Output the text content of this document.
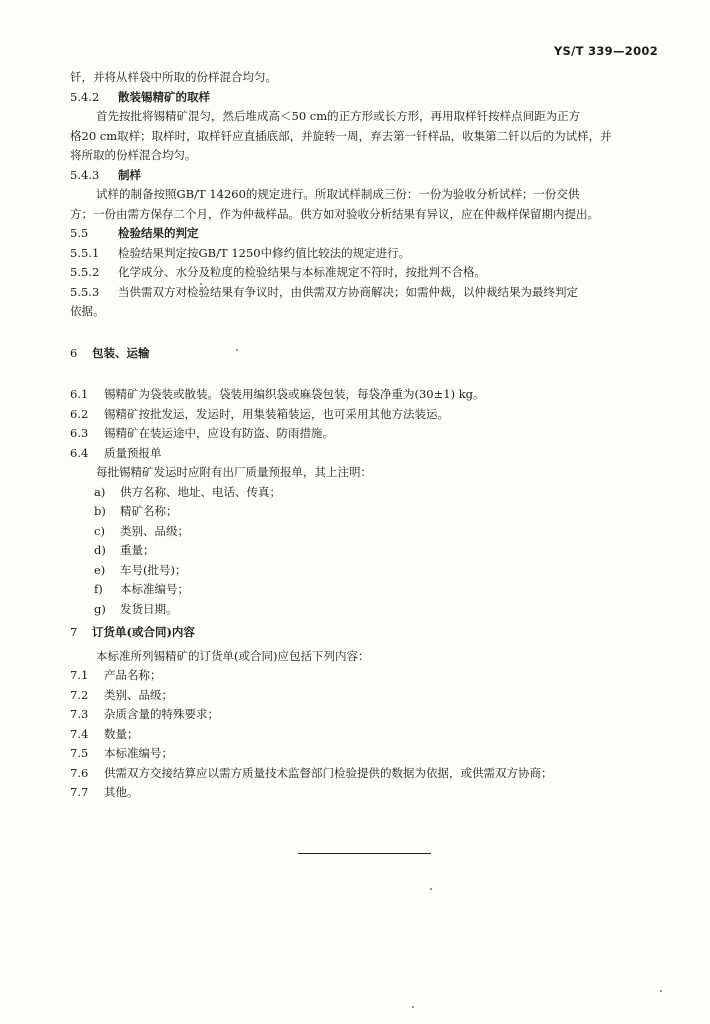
YS/T 339—2002
钎，并将从样袋中所取的份样混合均匀。
5.4.2 散装锡精矿的取样
首先按批将锡精矿混匀，然后堆成高＜50 cm的正方形或长方形，再用取样钎按样点间距为正方
格20 cm取样；取样时，取样钎应直插底部，并旋转一周，弃去第一钎样品，收集第二钎以后的为试样，并
将所取的份样混合均匀。
5.4.3 制样
试样的制备按照GB/T 14260的规定进行。所取试样制成三份：一份为验收分析试样；一份交供
方；一份由需方保存二个月，作为仲裁样品。供方如对验收分析结果有异议，应在仲裁样保留期内提出。
5.5	检验结果的判定
5.5.1 检验结果判定按GB/T 1250中修约值比较法的规定进行。
5.5.2 化学成分、水分及粒度的检验结果与本标准规定不符时，按批判不合格。
5.5.3 当供需双方对检验结果有争议时，由供需双方协商解决；如需仲裁，以仲裁结果为最终判定
依据。
6 包装、运输
6.1 锡精矿为袋装或散装。袋装用编织袋或麻袋包装，每袋净重为(30±1) kg。
6.2 锡精矿按批发运，发运时，用集装箱装运，也可采用其他方法装运。
6.3 锡精矿在装运途中，应设有防盗、防雨措施。
6.4 质量预报单
每批锡精矿发运时应附有出厂质量预报单，其上注明：
a) 供方名称、地址、电话、传真；
b) 精矿名称；
c) 类别、品级；
d) 重量；
e) 车号(批号)；
f) 本标准编号；
g) 发货日期。
7 订货单(或合同)内容
本标准所列锡精矿的订货单(或合同)应包括下列内容：
7.1 产品名称；
7.2 类别、品级；
7.3 杂质含量的特殊要求；
7.4 数量；
7.5 本标准编号；
7.6 供需双方交接结算应以需方质量技术监督部门检验提供的数据为依据，或供需双方协商；
7.7 其他。
